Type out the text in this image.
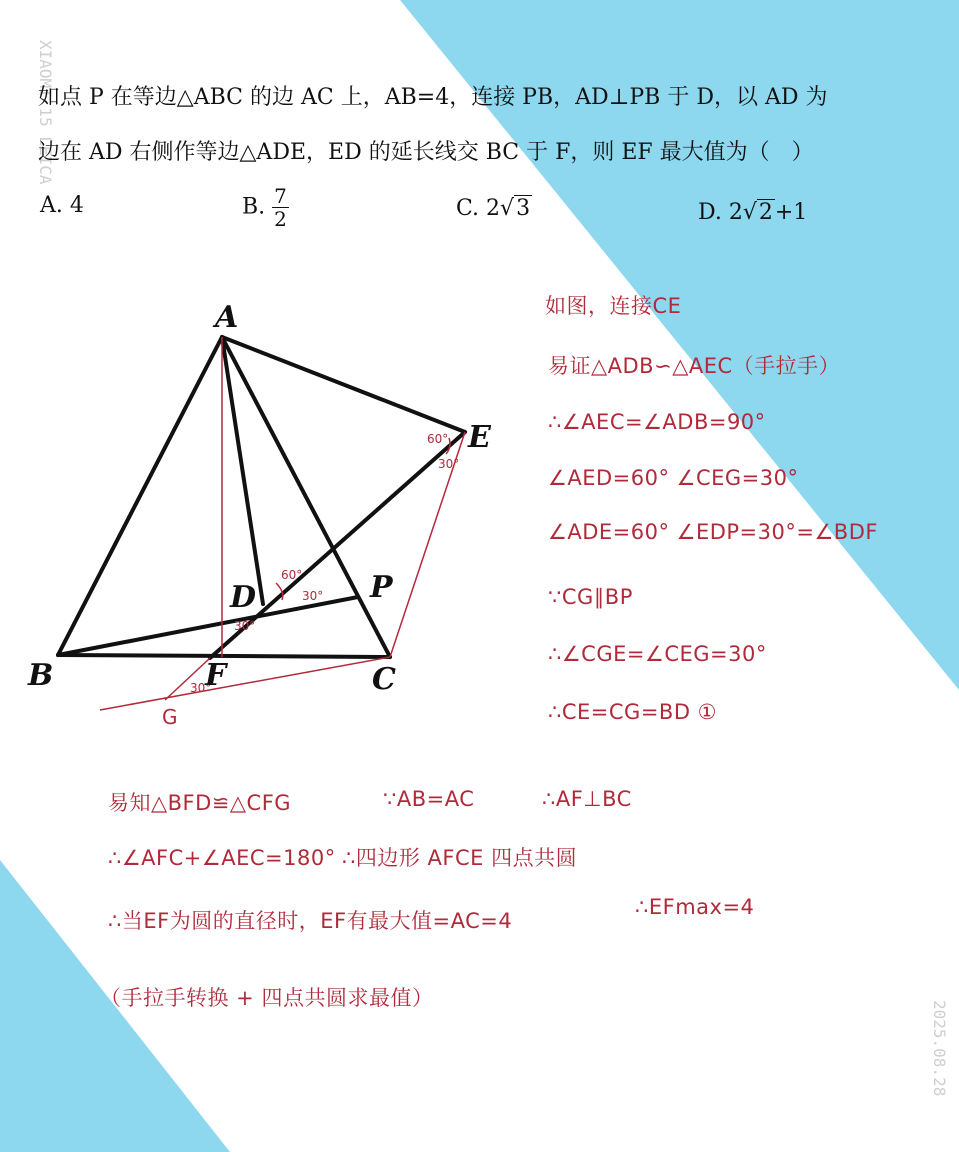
XIAOMI 15 LEICA
2025.08.28
如点 P 在等边△ABC 的边 AC 上，AB=4，连接 PB，AD⊥PB 于 D，以 AD 为
边在 AD 右侧作等边△ADE，ED 的延长线交 BC 于 F，则 EF 最大值为（　）
A. 4	B. $\frac{7}{2}$	C. 2√3	D. 2√2+1
60°
30°
60°
30°
30°
30°
A
B	C
D
E
F
P
G
如图，连接CE
易证△ADB∽△AEC（手拉手）
∴∠AEC=∠ADB=90°
∠AED=60° ∠CEG=30°
∠ADE=60° ∠EDP=30°=∠BDF
∵CG∥BP
∴∠CGE=∠CEG=30°
∴CE=CG=BD ①
易知△BFD≌△CFG	∵AB=AC	∴AF⊥BC
∴∠AFC+∠AEC=180° ∴四边形 AFCE 四点共圆
∴当EF为圆的直径时，EF有最大值=AC=4
∴EFmax=4
（手拉手转换 + 四点共圆求最值）
